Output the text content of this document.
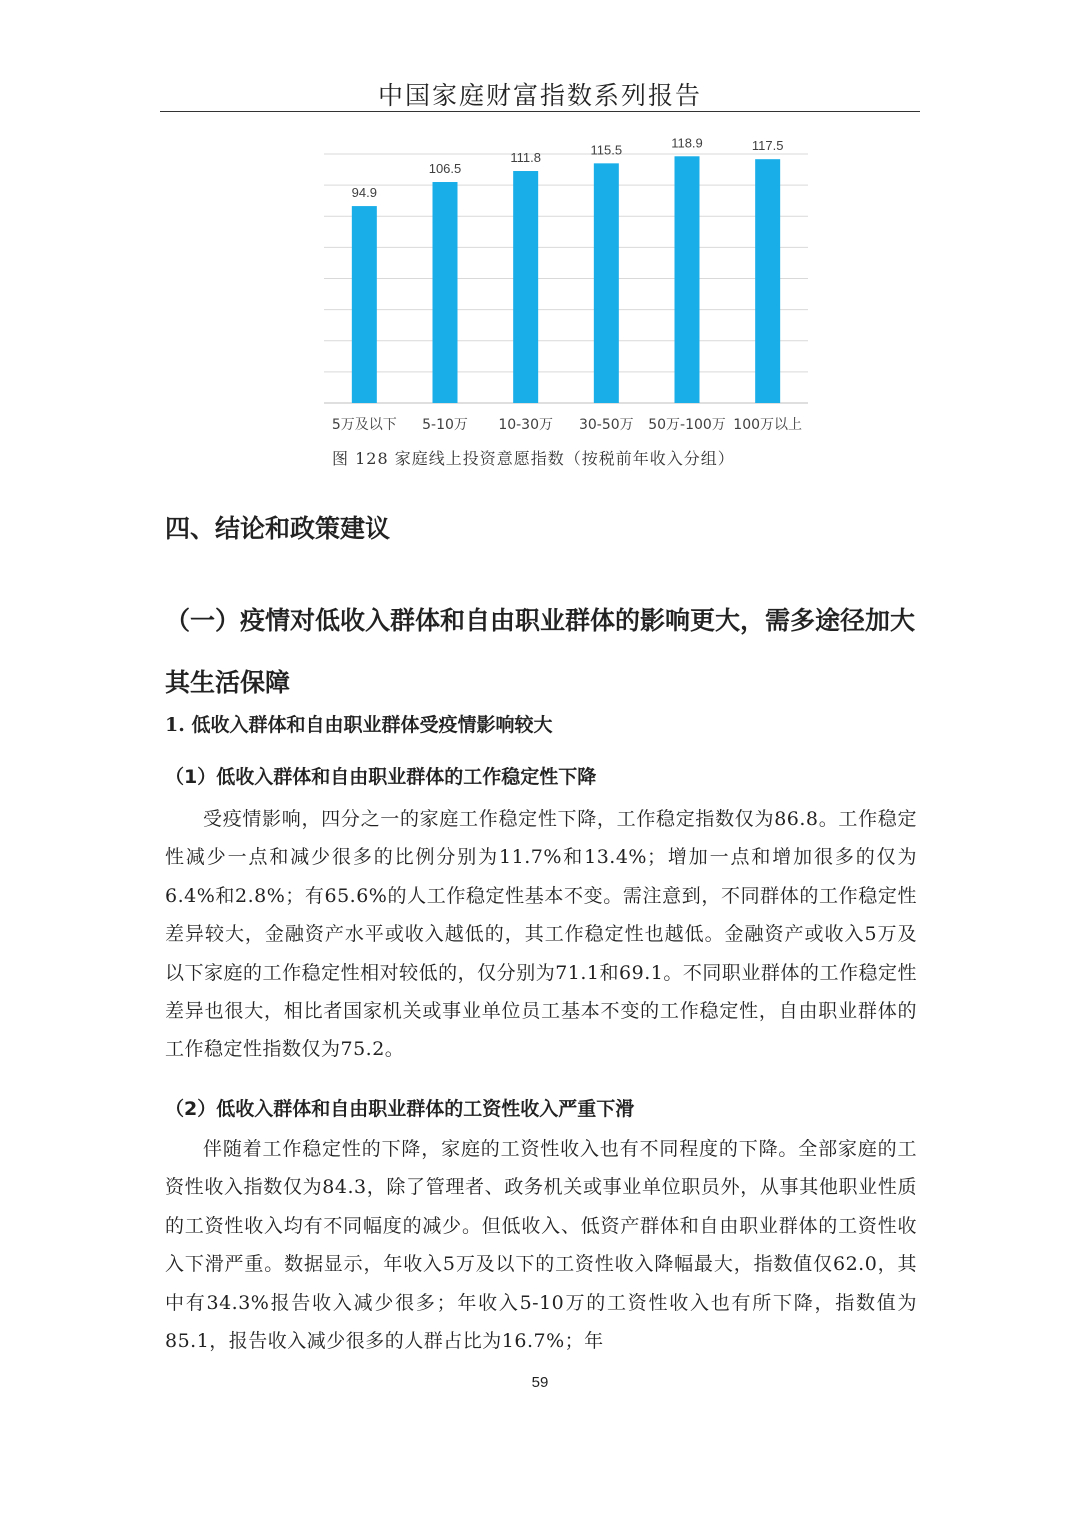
中国家庭财富指数系列报告
94.9
5万及以下
106.5
5-10万
111.8
10-30万
115.5
30-50万
118.9
50万-100万
117.5
100万以上
图 128 家庭线上投资意愿指数（按税前年收入分组）
四、结论和政策建议
（一）疫情对低收入群体和自由职业群体的影响更大，需多途径加大其生活保障
1. 低收入群体和自由职业群体受疫情影响较大
（1）低收入群体和自由职业群体的工作稳定性下降
受疫情影响，四分之一的家庭工作稳定性下降，工作稳定指数仅为86.8。工作稳定性减少一点和减少很多的比例分别为11.7%和13.4%；增加一点和增加很多的仅为6.4%和2.8%；有65.6%的人工作稳定性基本不变。需注意到，不同群体的工作稳定性差异较大，金融资产水平或收入越低的，其工作稳定性也越低。金融资产或收入5万及以下家庭的工作稳定性相对较低的，仅分别为71.1和69.1。不同职业群体的工作稳定性差异也很大，相比者国家机关或事业单位员工基本不变的工作稳定性，自由职业群体的工作稳定性指数仅为75.2。
（2）低收入群体和自由职业群体的工资性收入严重下滑
伴随着工作稳定性的下降，家庭的工资性收入也有不同程度的下降。全部家庭的工资性收入指数仅为84.3，除了管理者、政务机关或事业单位职员外，从事其他职业性质的工资性收入均有不同幅度的减少。但低收入、低资产群体和自由职业群体的工资性收入下滑严重。数据显示，年收入5万及以下的工资性收入降幅最大，指数值仅62.0，其中有34.3%报告收入减少很多；年收入5-10万的工资性收入也有所下降，指数值为85.1，报告收入减少很多的人群占比为16.7%；年
59
